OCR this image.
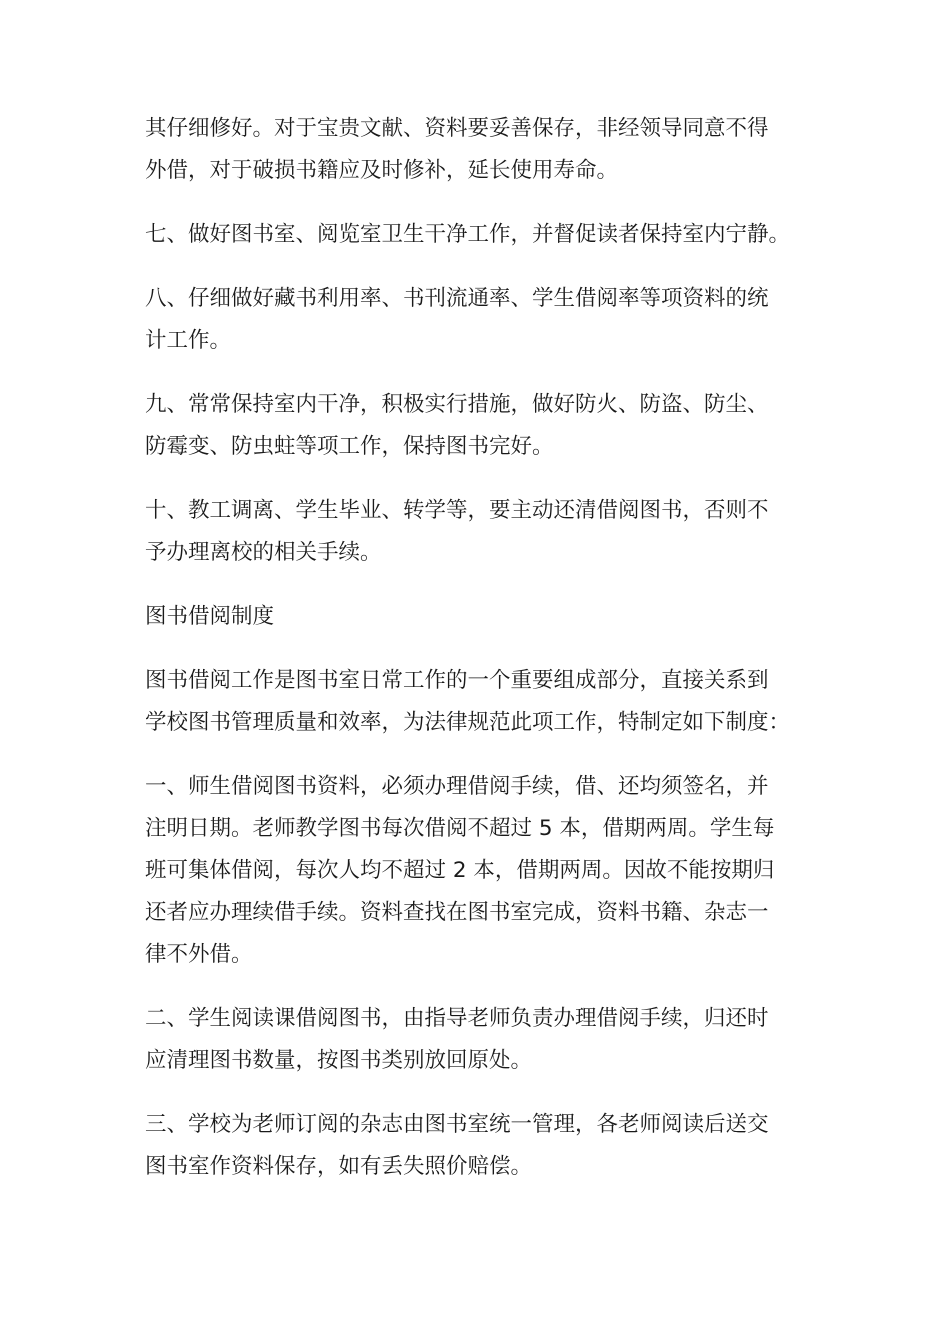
其仔细修好。对于宝贵文献、资料要妥善保存，非经领导同意不得
外借，对于破损书籍应及时修补，延长使用寿命。

七、做好图书室、阅览室卫生干净工作，并督促读者保持室内宁静。

八、仔细做好藏书利用率、书刊流通率、学生借阅率等项资料的统
计工作。

九、常常保持室内干净，积极实行措施，做好防火、防盗、防尘、
防霉变、防虫蛀等项工作，保持图书完好。

十、教工调离、学生毕业、转学等，要主动还清借阅图书，否则不
予办理离校的相关手续。

图书借阅制度

图书借阅工作是图书室日常工作的一个重要组成部分，直接关系到
学校图书管理质量和效率，为法律规范此项工作，特制定如下制度：

一、师生借阅图书资料，必须办理借阅手续，借、还均须签名，并
注明日期。老师教学图书每次借阅不超过 5 本，借期两周。学生每
班可集体借阅，每次人均不超过 2 本，借期两周。因故不能按期归
还者应办理续借手续。资料查找在图书室完成，资料书籍、杂志一
律不外借。

二、学生阅读课借阅图书，由指导老师负责办理借阅手续，归还时
应清理图书数量，按图书类别放回原处。

三、学校为老师订阅的杂志由图书室统一管理，各老师阅读后送交
图书室作资料保存，如有丢失照价赔偿。
